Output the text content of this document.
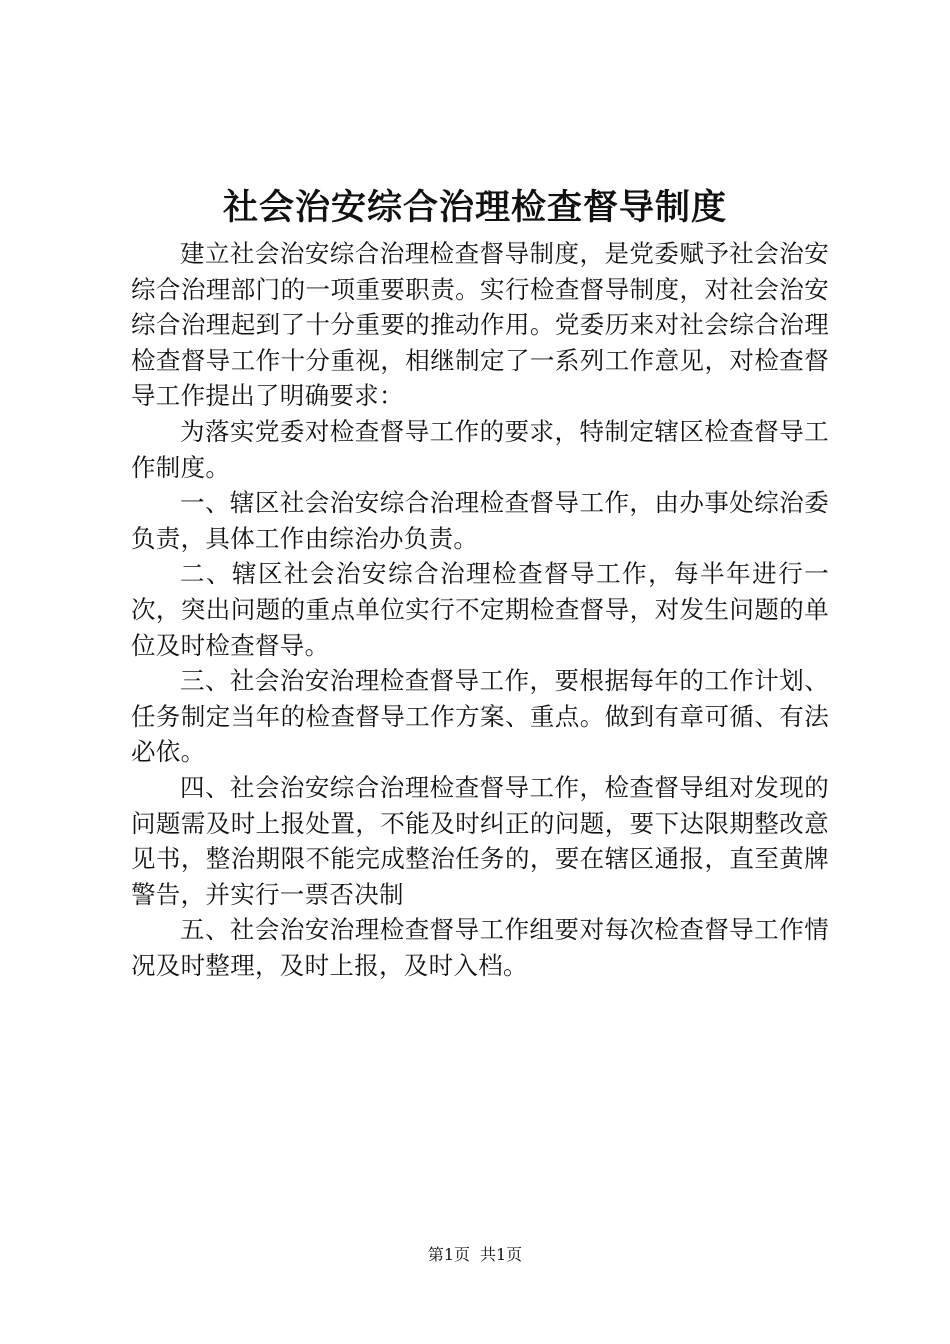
社会治安综合治理检查督导制度

建立社会治安综合治理检查督导制度，是党委赋予社会治安综合治理部门的一项重要职责。实行检查督导制度，对社会治安综合治理起到了十分重要的推动作用。党委历来对社会综合治理检查督导工作十分重视，相继制定了一系列工作意见，对检查督导工作提出了明确要求：

为落实党委对检查督导工作的要求，特制定辖区检查督导工作制度。

一、辖区社会治安综合治理检查督导工作，由办事处综治委负责，具体工作由综治办负责。

二、辖区社会治安综合治理检查督导工作，每半年进行一次，突出问题的重点单位实行不定期检查督导，对发生问题的单位及时检查督导。

三、社会治安治理检查督导工作，要根据每年的工作计划、任务制定当年的检查督导工作方案、重点。做到有章可循、有法必依。

四、社会治安综合治理检查督导工作，检查督导组对发现的问题需及时上报处置，不能及时纠正的问题，要下达限期整改意见书，整治期限不能完成整治任务的，要在辖区通报，直至黄牌警告，并实行一票否决制

五、社会治安治理检查督导工作组要对每次检查督导工作情况及时整理，及时上报，及时入档。

第1页 共1页
